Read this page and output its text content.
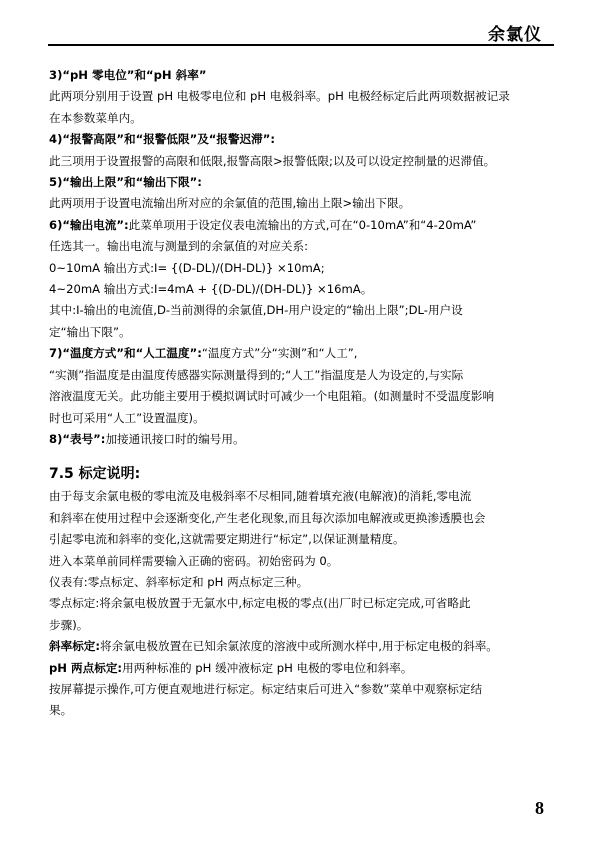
余氯仪
3)“pH 零电位”和“pH 斜率”
此两项分别用于设置 pH 电极零电位和 pH 电极斜率。pH 电极经标定后此两项数据被记录
在本参数菜单内。
4)“报警高限”和“报警低限”及“报警迟滞”:
此三项用于设置报警的高限和低限,报警高限>报警低限;以及可以设定控制量的迟滞值。
5)“输出上限”和“输出下限”:
此两项用于设置电流输出所对应的余氯值的范围,输出上限>输出下限。
6)“输出电流”:此菜单项用于设定仪表电流输出的方式,可在“0-10mA”和“4-20mA”
任选其一。输出电流与测量到的余氯值的对应关系:
0~10mA 输出方式:I= {(D-DL)/(DH-DL)} ×10mA;
4~20mA 输出方式:I=4mA + {(D-DL)/(DH-DL)} ×16mA。
其中:I-输出的电流值,D-当前测得的余氯值,DH-用户设定的“输出上限”;DL-用户设
定“输出下限”。
7)“温度方式”和“人工温度”:“温度方式”分“实测”和“人工”,
“实测”指温度是由温度传感器实际测量得到的;“人工”指温度是人为设定的,与实际
溶液温度无关。此功能主要用于模拟调试时可减少一个电阻箱。(如测量时不受温度影响
时也可采用“人工”设置温度)。
8)“表号”:加接通讯接口时的编号用。
7.5 标定说明:
由于每支余氯电极的零电流及电极斜率不尽相同,随着填充液(电解液)的消耗,零电流
和斜率在使用过程中会逐渐变化,产生老化现象,而且每次添加电解液或更换渗透膜也会
引起零电流和斜率的变化,这就需要定期进行“标定”,以保证测量精度。
进入本菜单前同样需要输入正确的密码。初始密码为 0。
仪表有:零点标定、斜率标定和 pH 两点标定三种。
零点标定:将余氯电极放置于无氯水中,标定电极的零点(出厂时已标定完成,可省略此
步骤)。
斜率标定:将余氯电极放置在已知余氯浓度的溶液中或所测水样中,用于标定电极的斜率。
pH 两点标定:用两种标准的 pH 缓冲液标定 pH 电极的零电位和斜率。
按屏幕提示操作,可方便直观地进行标定。标定结束后可进入“参数”菜单中观察标定结
果。
8
